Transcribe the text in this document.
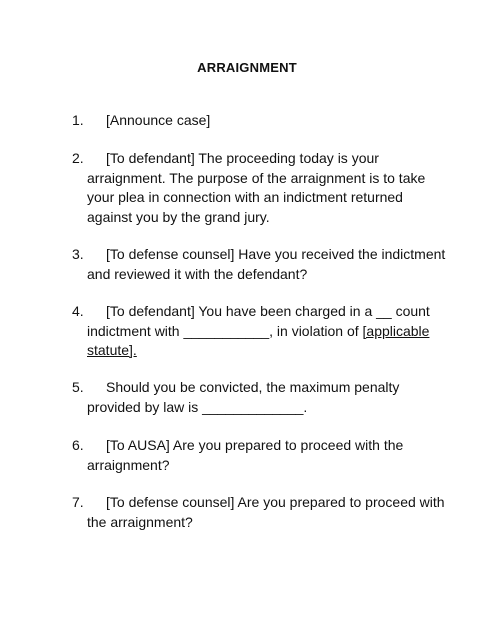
ARRAIGNMENT
1. [Announce case]
2. [To defendant] The proceeding today is your
arraignment. The purpose of the arraignment is to take
your plea in connection with an indictment returned
against you by the grand jury.
3. [To defense counsel] Have you received the indictment
and reviewed it with the defendant?
4. [To defendant] You have been charged in a __ count
indictment with ___________, in violation of [applicable
statute].
5. Should you be convicted, the maximum penalty
provided by law is _____________.
6. [To AUSA] Are you prepared to proceed with the
arraignment?
7. [To defense counsel] Are you prepared to proceed with
the arraignment?
